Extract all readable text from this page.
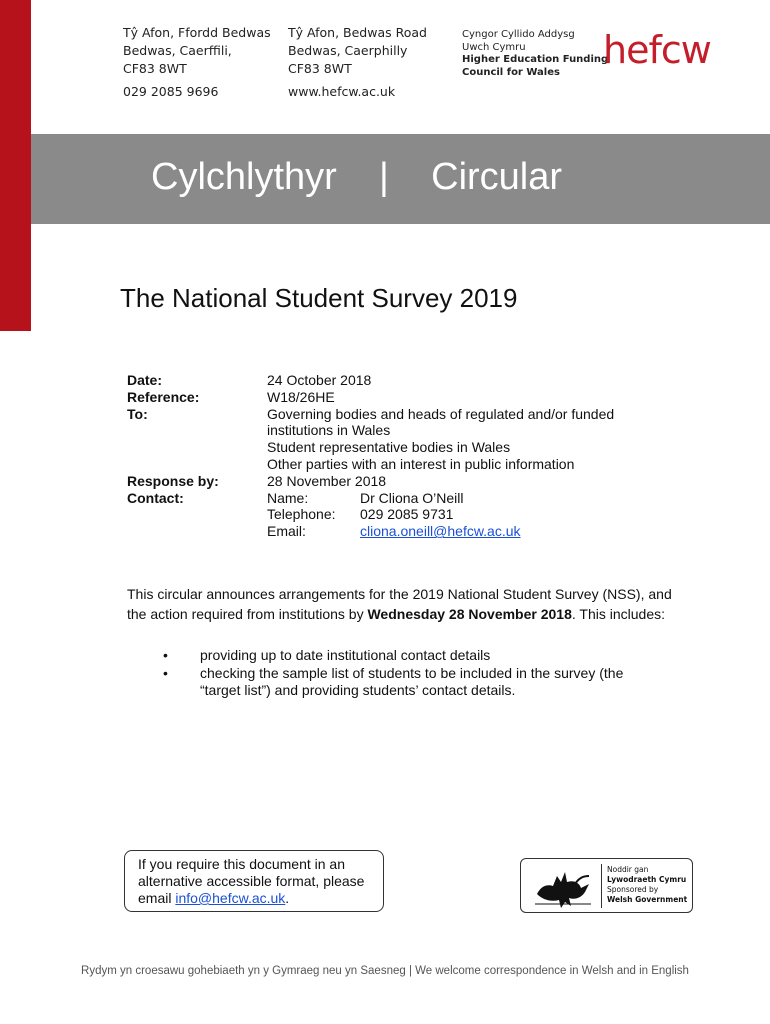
Tŷ Afon, Ffordd Bedwas
Bedwas, Caerffili,
CF83 8WT
Tŷ Afon, Bedwas Road
Bedwas, Caerphilly
CF83 8WT
029 2085 9696	www.hefcw.ac.uk
Cyngor Cyllido Addysg
Uwch Cymru
Higher Education Funding
Council for Wales	hefcw
Cylchlythyr    |    Circular
The National Student Survey 2019
Date:	24 October 2018
Reference:	W18/26HE
To:	Governing bodies and heads of regulated and/or funded institutions in Wales
Student representative bodies in Wales
Other parties with an interest in public information
Response by:	28 November 2018
Contact:	Name:	Dr Cliona O’Neill
Telephone:	029 2085 9731
Email:	cliona.oneill@hefcw.ac.uk
This circular announces arrangements for the 2019 National Student Survey (NSS), and the action required from institutions by Wednesday 28 November 2018. This includes:
•	providing up to date institutional contact details
•	checking the sample list of students to be included in the survey (the “target list”) and providing students’ contact details.
If you require this document in an alternative accessible format, please email info@hefcw.ac.uk.
Noddir gan
Lywodraeth Cymru
Sponsored by
Welsh Government
Rydym yn croesawu gohebiaeth yn y Gymraeg neu yn Saesneg | We welcome correspondence in Welsh and in English
